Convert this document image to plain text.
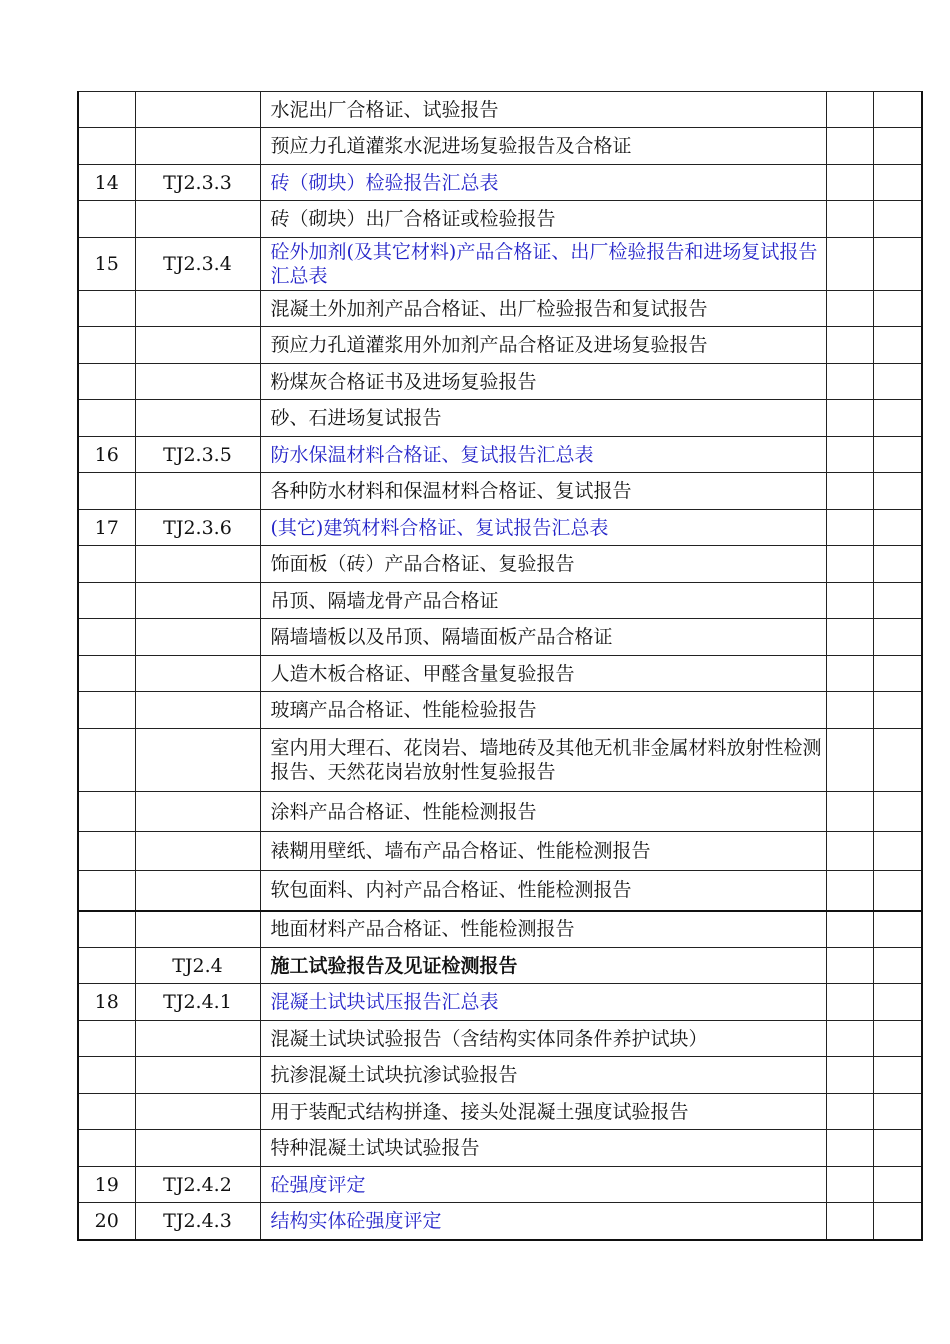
		水泥出厂合格证、试验报告		
		预应力孔道灌浆水泥进场复验报告及合格证		
14	TJ2.3.3	砖（砌块）检验报告汇总表		
		砖（砌块）出厂合格证或检验报告		
15	TJ2.3.4	砼外加剂(及其它材料)产品合格证、出厂检验报告和进场复试报告汇总表		
		混凝土外加剂产品合格证、出厂检验报告和复试报告		
		预应力孔道灌浆用外加剂产品合格证及进场复验报告		
		粉煤灰合格证书及进场复验报告		
		砂、石进场复试报告		
16	TJ2.3.5	防水保温材料合格证、复试报告汇总表		
		各种防水材料和保温材料合格证、复试报告		
17	TJ2.3.6	(其它)建筑材料合格证、复试报告汇总表		
		饰面板（砖）产品合格证、复验报告		
		吊顶、隔墙龙骨产品合格证		
		隔墙墙板以及吊顶、隔墙面板产品合格证		
		人造木板合格证、甲醛含量复验报告		
		玻璃产品合格证、性能检验报告		
		室内用大理石、花岗岩、墙地砖及其他无机非金属材料放射性检测报告、天然花岗岩放射性复验报告		
		涂料产品合格证、性能检测报告		
		裱糊用壁纸、墙布产品合格证、性能检测报告		
		软包面料、内衬产品合格证、性能检测报告		
		地面材料产品合格证、性能检测报告		
	TJ2.4	施工试验报告及见证检测报告		
18	TJ2.4.1	混凝土试块试压报告汇总表		
		混凝土试块试验报告（含结构实体同条件养护试块）		
		抗渗混凝土试块抗渗试验报告		
		用于装配式结构拼逢、接头处混凝土强度试验报告		
		特种混凝土试块试验报告		
19	TJ2.4.2	砼强度评定		
20	TJ2.4.3	结构实体砼强度评定		
